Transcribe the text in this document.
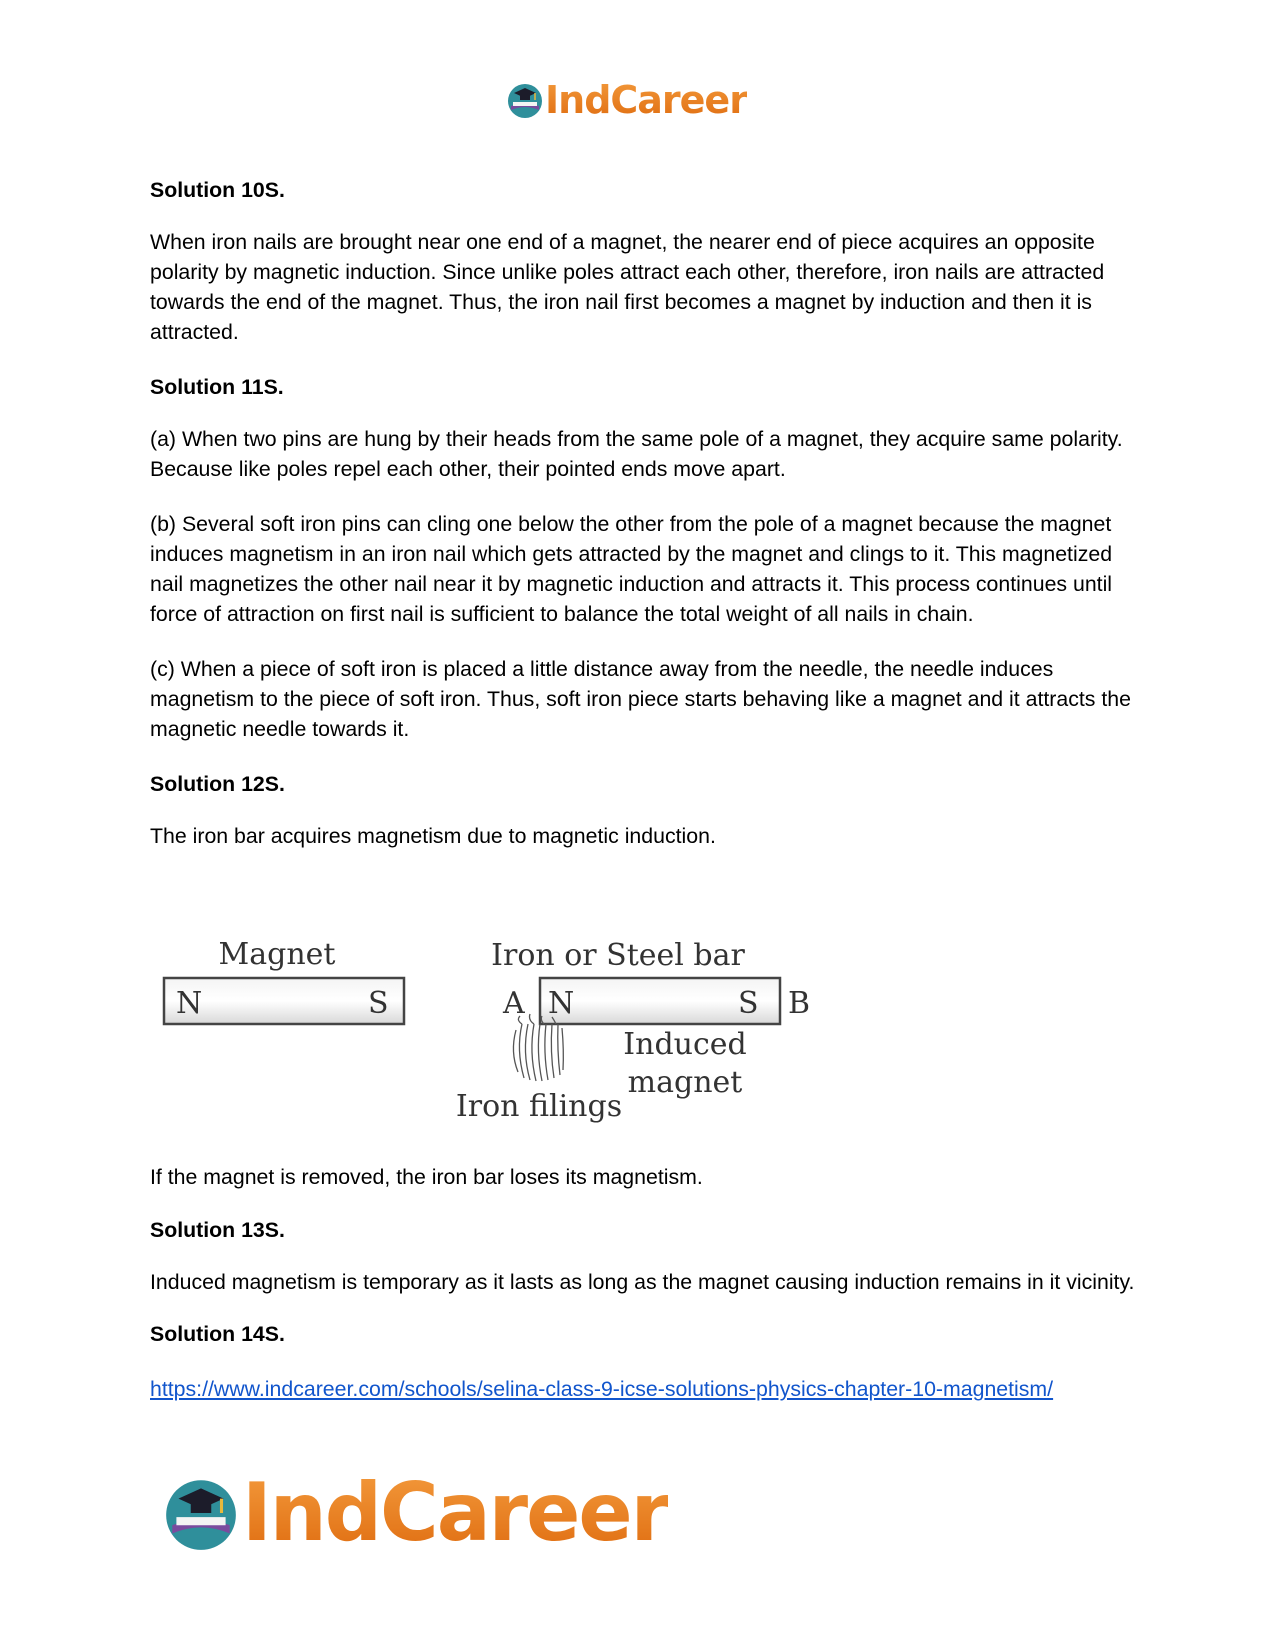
IndCareer

Solution 10S.

When iron nails are brought near one end of a magnet, the nearer end of piece acquires an opposite polarity by magnetic induction. Since unlike poles attract each other, therefore, iron nails are attracted towards the end of the magnet. Thus, the iron nail first becomes a magnet by induction and then it is attracted.

Solution 11S.

(a) When two pins are hung by their heads from the same pole of a magnet, they acquire same polarity. Because like poles repel each other, their pointed ends move apart.

(b) Several soft iron pins can cling one below the other from the pole of a magnet because the magnet induces magnetism in an iron nail which gets attracted by the magnet and clings to it. This magnetized nail magnetizes the other nail near it by magnetic induction and attracts it. This process continues until force of attraction on first nail is sufficient to balance the total weight of all nails in chain.

(c) When a piece of soft iron is placed a little distance away from the needle, the needle induces magnetism to the piece of soft iron. Thus, soft iron piece starts behaving like a magnet and it attracts the magnetic needle towards it.

Solution 12S.

The iron bar acquires magnetism due to magnetic induction.

Magnet
N	S
Iron or Steel bar
A N	S B
Induced
magnet
Iron filings

If the magnet is removed, the iron bar loses its magnetism.

Solution 13S.

Induced magnetism is temporary as it lasts as long as the magnet causing induction remains in it vicinity.

Solution 14S.

https://www.indcareer.com/schools/selina-class-9-icse-solutions-physics-chapter-10-magnetism/

IndCareer
